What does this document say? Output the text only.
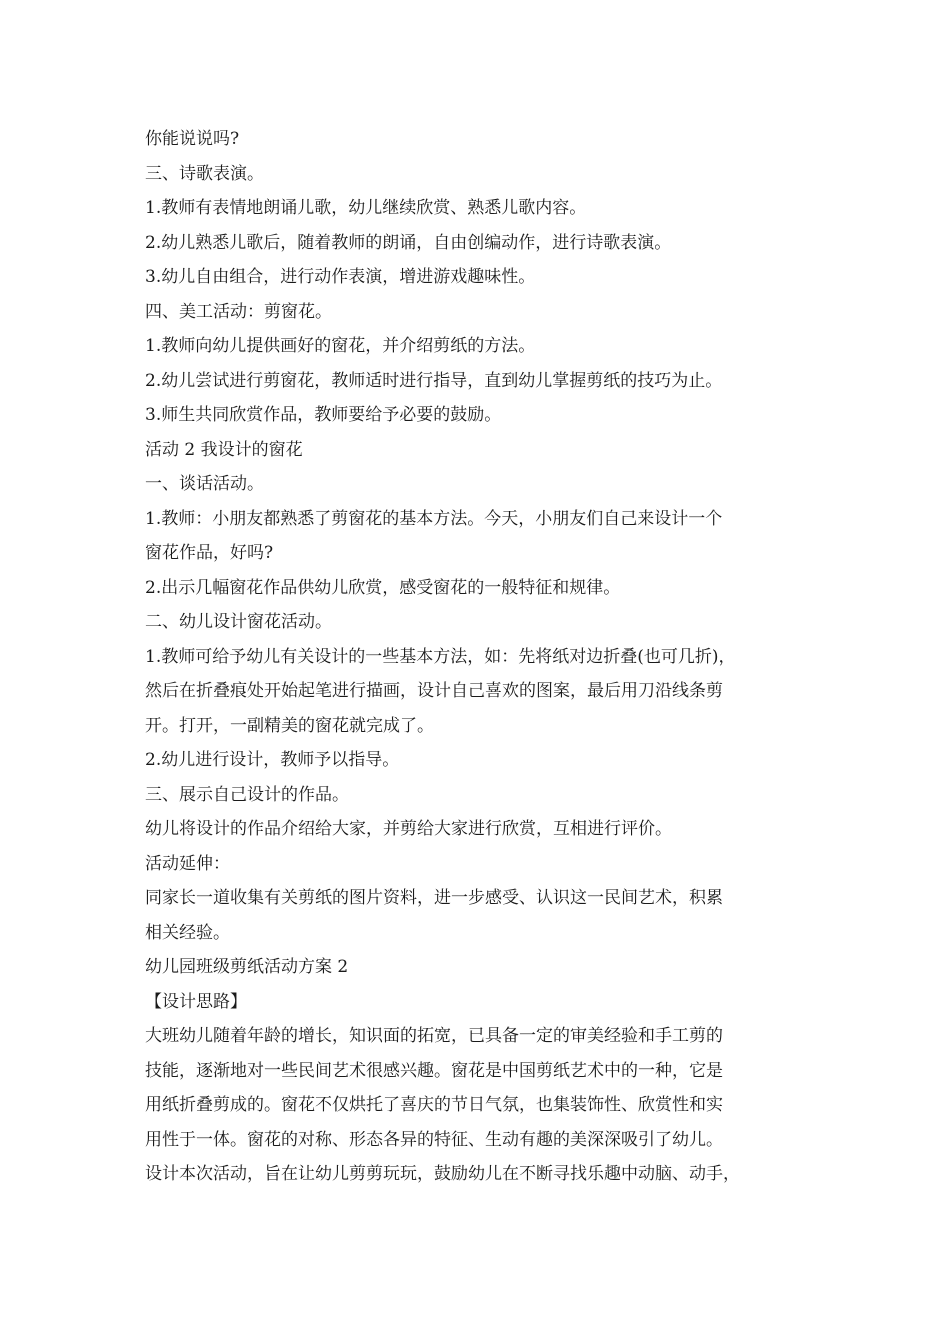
你能说说吗?
三、诗歌表演。
1.教师有表情地朗诵儿歌，幼儿继续欣赏、熟悉儿歌内容。
2.幼儿熟悉儿歌后，随着教师的朗诵，自由创编动作，进行诗歌表演。
3.幼儿自由组合，进行动作表演，增进游戏趣味性。
四、美工活动：剪窗花。
1.教师向幼儿提供画好的窗花，并介绍剪纸的方法。
2.幼儿尝试进行剪窗花，教师适时进行指导，直到幼儿掌握剪纸的技巧为止。
3.师生共同欣赏作品，教师要给予必要的鼓励。
活动 2 我设计的窗花
一、谈话活动。
1.教师：小朋友都熟悉了剪窗花的基本方法。今天，小朋友们自己来设计一个
窗花作品，好吗?
2.出示几幅窗花作品供幼儿欣赏，感受窗花的一般特征和规律。
二、幼儿设计窗花活动。
1.教师可给予幼儿有关设计的一些基本方法，如：先将纸对边折叠(也可几折)，
然后在折叠痕处开始起笔进行描画，设计自己喜欢的图案，最后用刀沿线条剪
开。打开，一副精美的窗花就完成了。
2.幼儿进行设计，教师予以指导。
三、展示自己设计的作品。
幼儿将设计的作品介绍给大家，并剪给大家进行欣赏，互相进行评价。
活动延伸：
同家长一道收集有关剪纸的图片资料，进一步感受、认识这一民间艺术，积累
相关经验。
幼儿园班级剪纸活动方案 2
【设计思路】
大班幼儿随着年龄的增长，知识面的拓宽，已具备一定的审美经验和手工剪的
技能，逐渐地对一些民间艺术很感兴趣。窗花是中国剪纸艺术中的一种，它是
用纸折叠剪成的。窗花不仅烘托了喜庆的节日气氛，也集装饰性、欣赏性和实
用性于一体。窗花的对称、形态各异的特征、生动有趣的美深深吸引了幼儿。
设计本次活动，旨在让幼儿剪剪玩玩，鼓励幼儿在不断寻找乐趣中动脑、动手，
